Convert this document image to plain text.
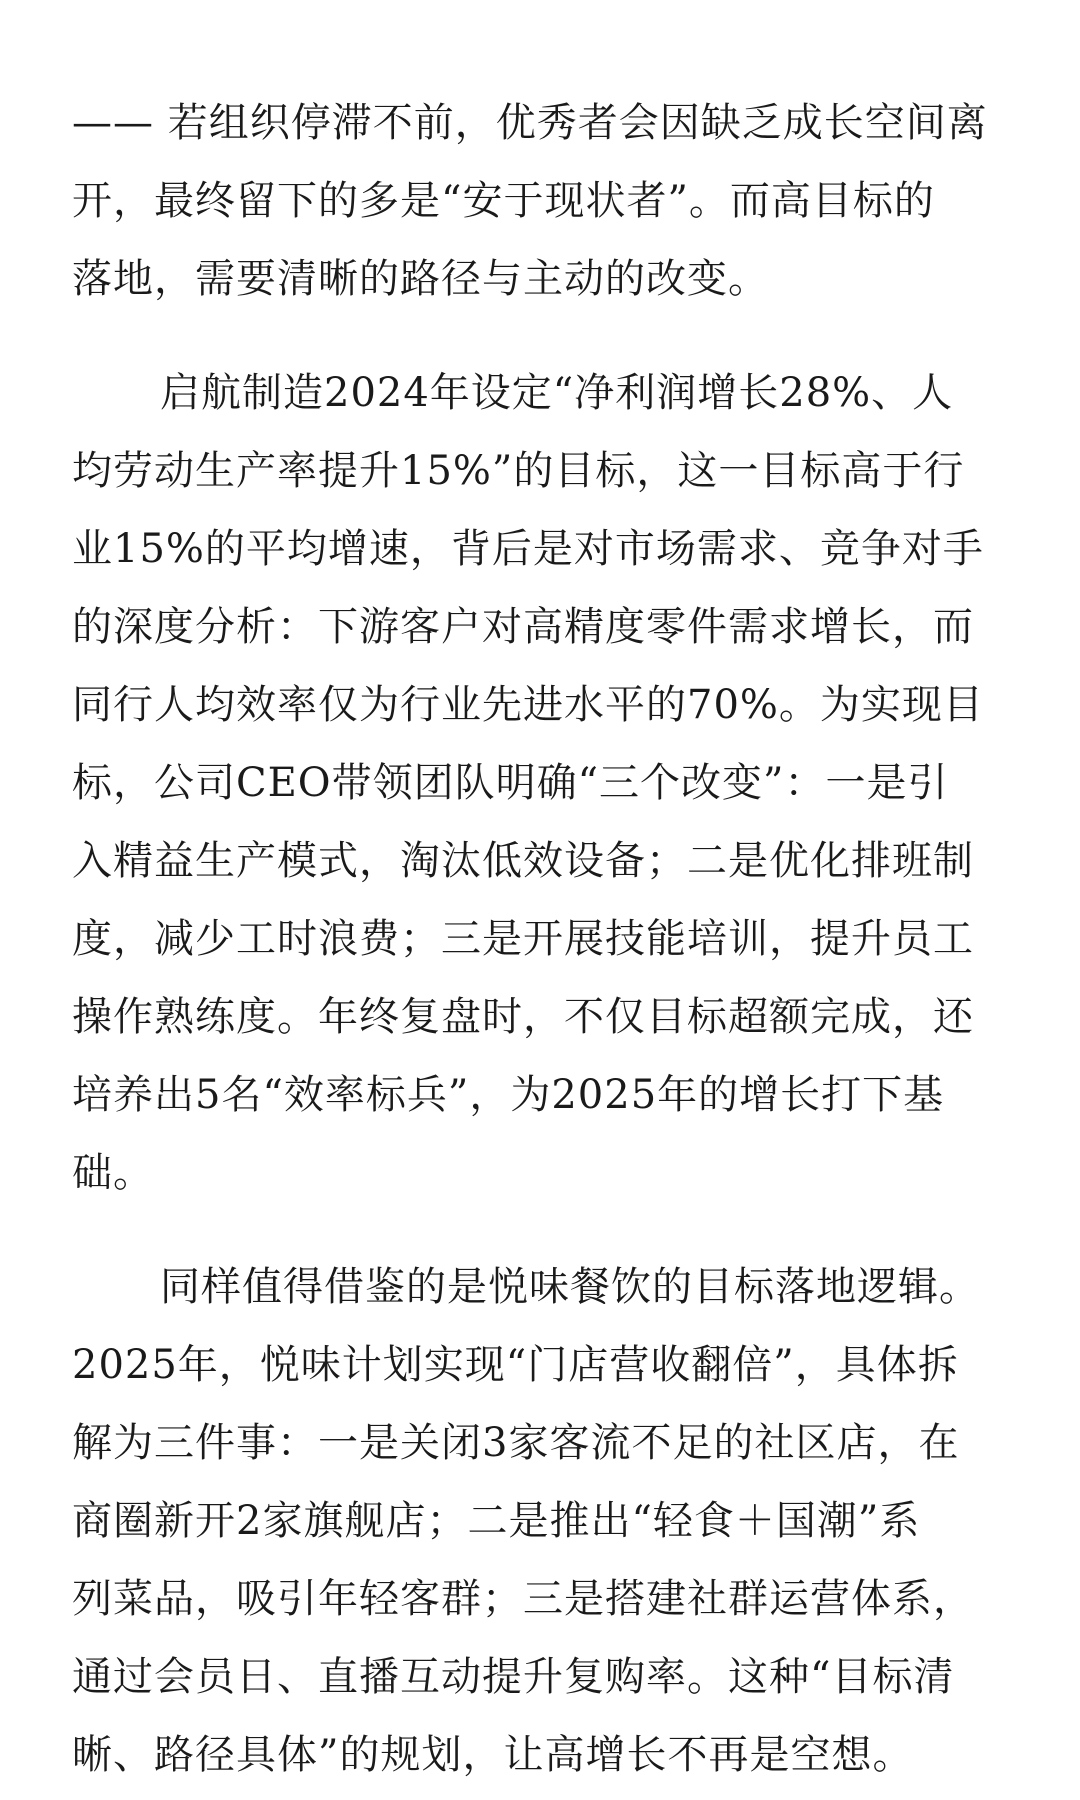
—— 若组织停滞不前，优秀者会因缺乏成长空间离
开，最终留下的多是“安于现状者”。而高目标的
落地，需要清晰的路径与主动的改变。
启航制造2024年设定“净利润增长28%、人
均劳动生产率提升15%”的目标，这一目标高于行
业15%的平均增速，背后是对市场需求、竞争对手
的深度分析：下游客户对高精度零件需求增长，而
同行人均效率仅为行业先进水平的70%。为实现目
标，公司CEO带领团队明确“三个改变”：一是引
入精益生产模式，淘汰低效设备；二是优化排班制
度，减少工时浪费；三是开展技能培训，提升员工
操作熟练度。年终复盘时，不仅目标超额完成，还
培养出5名“效率标兵”，为2025年的增长打下基
础。
同样值得借鉴的是悦味餐饮的目标落地逻辑。
2025年，悦味计划实现“门店营收翻倍”，具体拆
解为三件事：一是关闭3家客流不足的社区店，在
商圈新开2家旗舰店；二是推出“轻食＋国潮”系
列菜品，吸引年轻客群；三是搭建社群运营体系，
通过会员日、直播互动提升复购率。这种“目标清
晰、路径具体”的规划，让高增长不再是空想。
